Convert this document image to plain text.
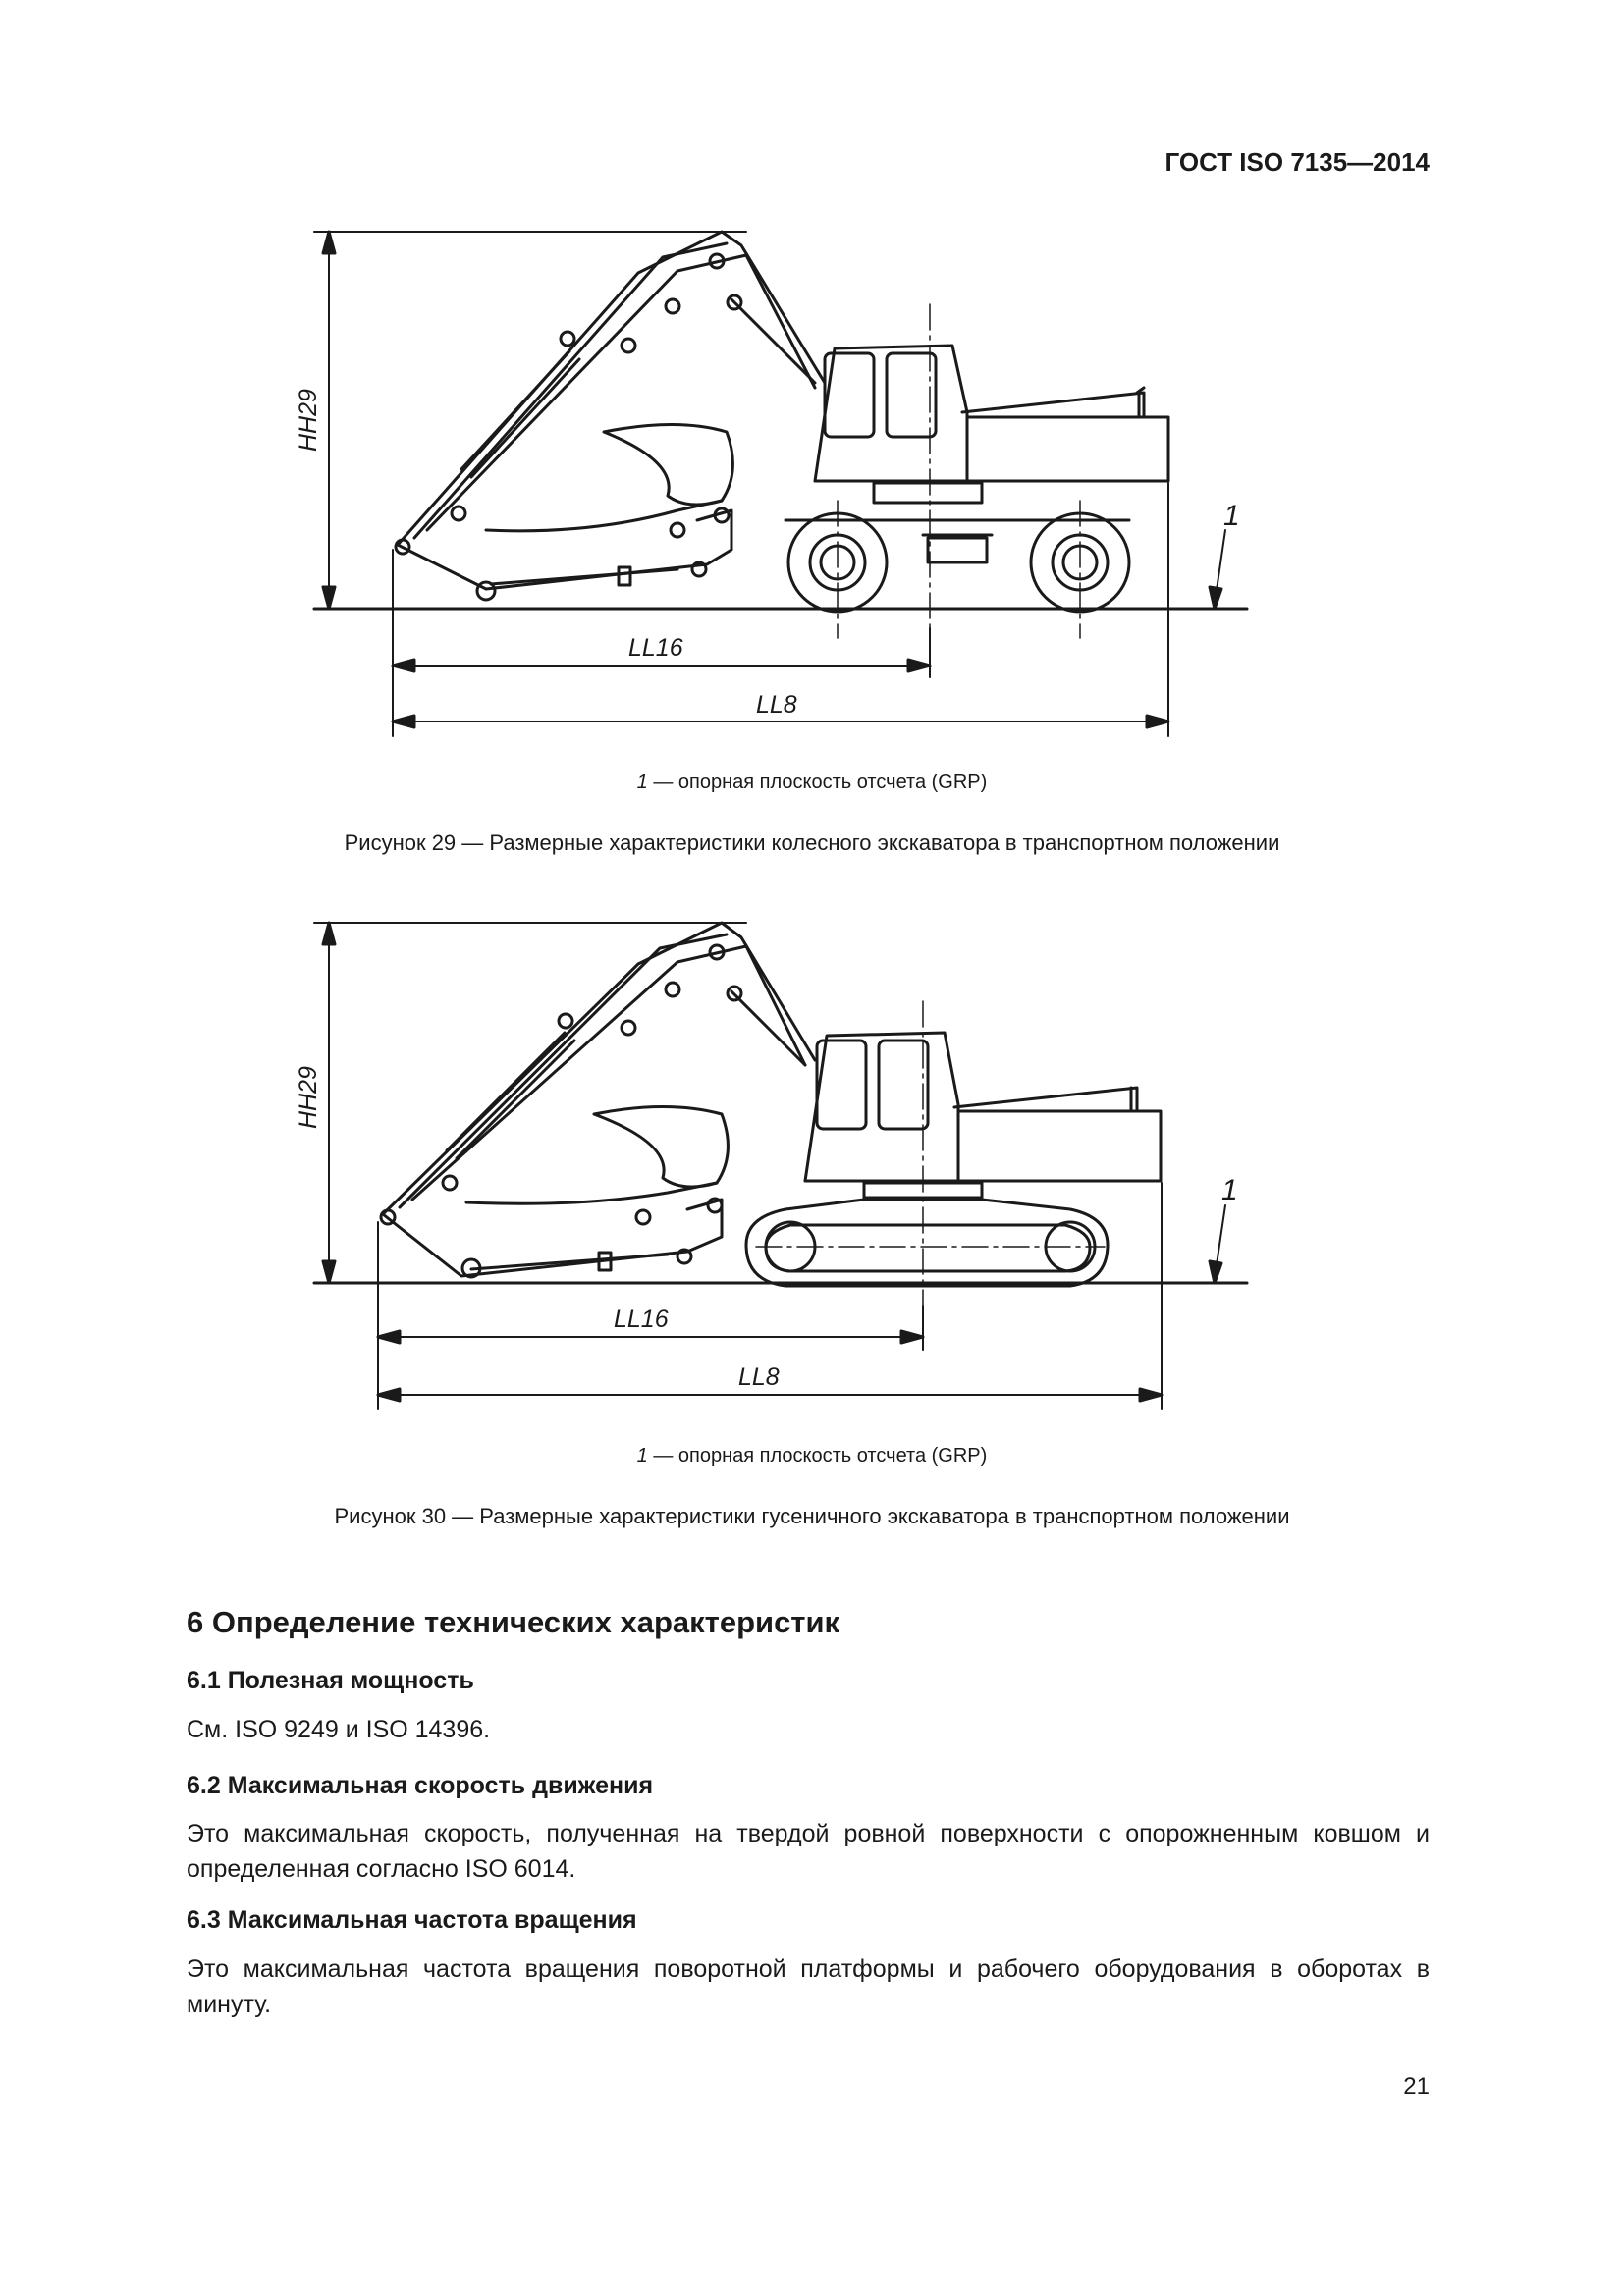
ГОСТ ISO 7135—2014
HH29
LL16
LL8
1
1 — опорная плоскость отсчета (GRP)
Рисунок 29 — Размерные характеристики колесного экскаватора в транспортном положении
HH29
LL16
LL8
1
1 — опорная плоскость отсчета (GRP)
Рисунок 30 — Размерные характеристики гусеничного экскаватора в транспортном положении
6 Определение технических характеристик
6.1 Полезная мощность
См. ISO 9249 и ISO 14396.
6.2 Максимальная скорость движения
Это максимальная скорость, полученная на твердой ровной поверхности с опорожненным ковшом и определенная согласно ISO 6014.
6.3 Максимальная частота вращения
Это максимальная частота вращения поворотной платформы и рабочего оборудования в оборотах в минуту.
21
